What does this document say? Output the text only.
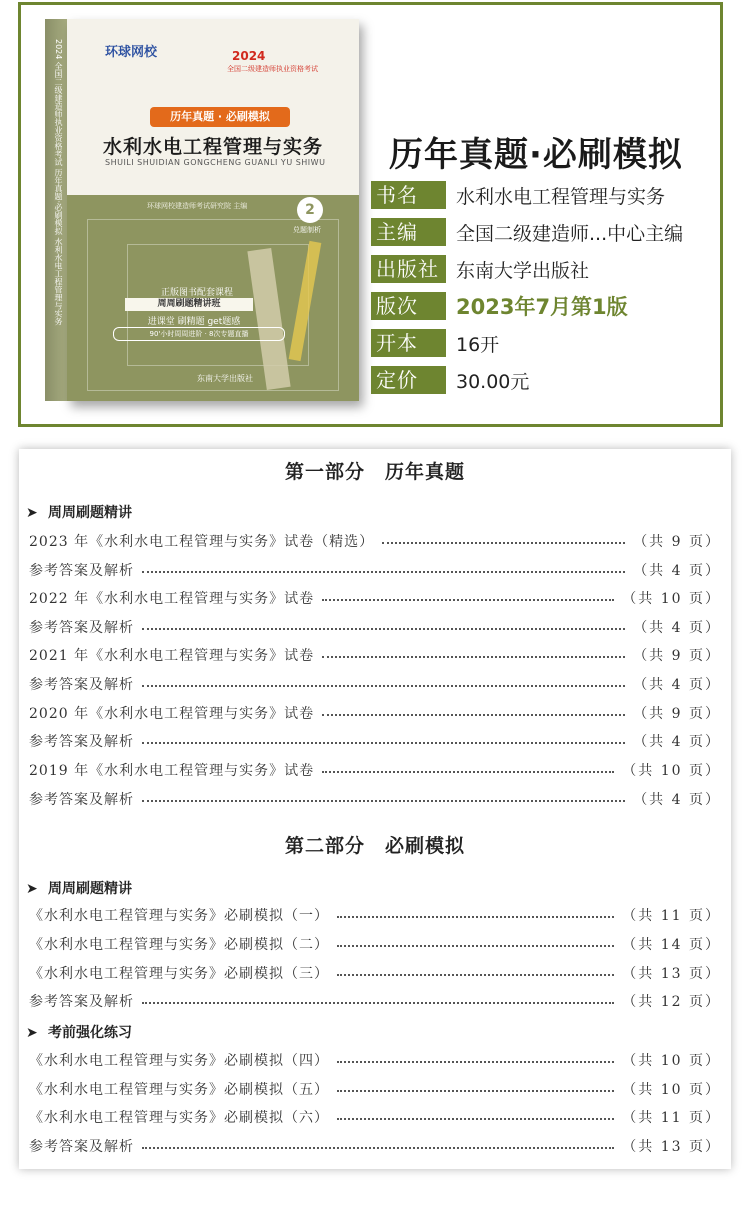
2024 全国二级建造师执业资格考试 历年真题·必刷模拟 水利水电工程管理与实务	环球网校	2024
全国二级建造师执业资格考试
历年真题 · 必刷模拟
水利水电工程管理与实务
SHUILI SHUIDIAN GONGCHENG GUANLI YU SHIWU
环球网校建造师考试研究院 主编	2
兑题制析
正版图书配套课程
周周刷题精讲班
进课堂 刷精题 get题感
90'小时周周进阶 · 8次专题直播
东南大学出版社
历年真题·必刷模拟
书名	水利水电工程管理与实务
主编	全国二级建造师...中心主编
出版社 东南大学出版社
版次	2023年7月第1版
开本	16开
定价	30.00元
第一部分　历年真题
➤ 周周刷题精讲
2023 年《水利水电工程管理与实务》试卷（精选）	（共 9 页）
参考答案及解析	（共 4 页）
2022 年《水利水电工程管理与实务》试卷	（共 10 页）
参考答案及解析	（共 4 页）
2021 年《水利水电工程管理与实务》试卷	（共 9 页）
参考答案及解析	（共 4 页）
2020 年《水利水电工程管理与实务》试卷	（共 9 页）
参考答案及解析	（共 4 页）
2019 年《水利水电工程管理与实务》试卷	（共 10 页）
参考答案及解析	（共 4 页）
第二部分　必刷模拟
➤ 周周刷题精讲
《水利水电工程管理与实务》必刷模拟（一）	（共 11 页）
《水利水电工程管理与实务》必刷模拟（二）	（共 14 页）
《水利水电工程管理与实务》必刷模拟（三）	（共 13 页）
参考答案及解析	（共 12 页）
➤ 考前强化练习
《水利水电工程管理与实务》必刷模拟（四）	（共 10 页）
《水利水电工程管理与实务》必刷模拟（五）	（共 10 页）
《水利水电工程管理与实务》必刷模拟（六）	（共 11 页）
参考答案及解析	（共 13 页）
